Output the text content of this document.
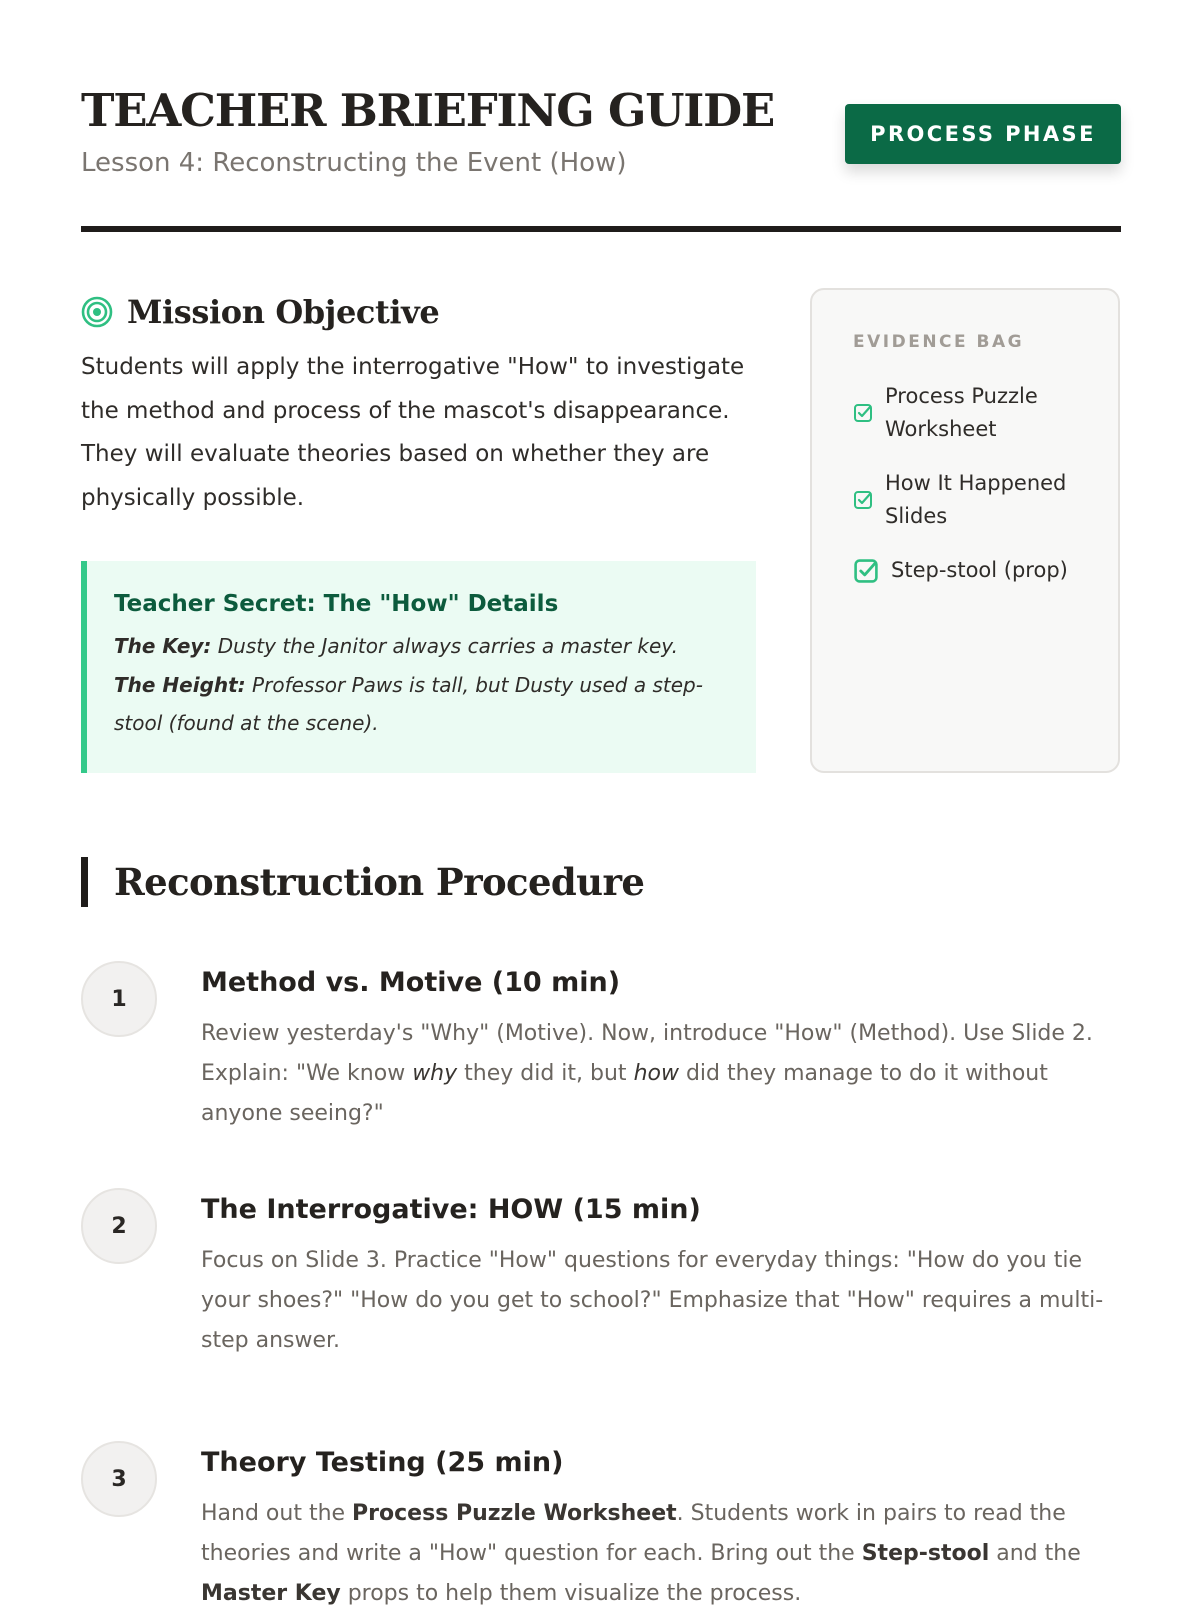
TEACHER BRIEFING GUIDE
Lesson 4: Reconstructing the Event (How)
PROCESS PHASE
Mission Objective

Students will apply the interrogative "How" to investigate the method and process of the mascot's disappearance. They will evaluate theories based on whether they are physically possible.

Teacher Secret: The "How" Details
The Key: Dusty the Janitor always carries a master key.
The Height: Professor Paws is tall, but Dusty used a step-stool (found at the scene).
EVIDENCE BAG
Process Puzzle Worksheet
How It Happened Slides
Step-stool (prop)
Reconstruction Procedure
1
Method vs. Motive (10 min)
Review yesterday's "Why" (Motive). Now, introduce "How" (Method). Use Slide 2. Explain: "We know why they did it, but how did they manage to do it without anyone seeing?"
2
The Interrogative: HOW (15 min)
Focus on Slide 3. Practice "How" questions for everyday things: "How do you tie your shoes?" "How do you get to school?" Emphasize that "How" requires a multi-step answer.
3
Theory Testing (25 min)
Hand out the Process Puzzle Worksheet. Students work in pairs to read the theories and write a "How" question for each. Bring out the Step-stool and the Master Key props to help them visualize the process.
